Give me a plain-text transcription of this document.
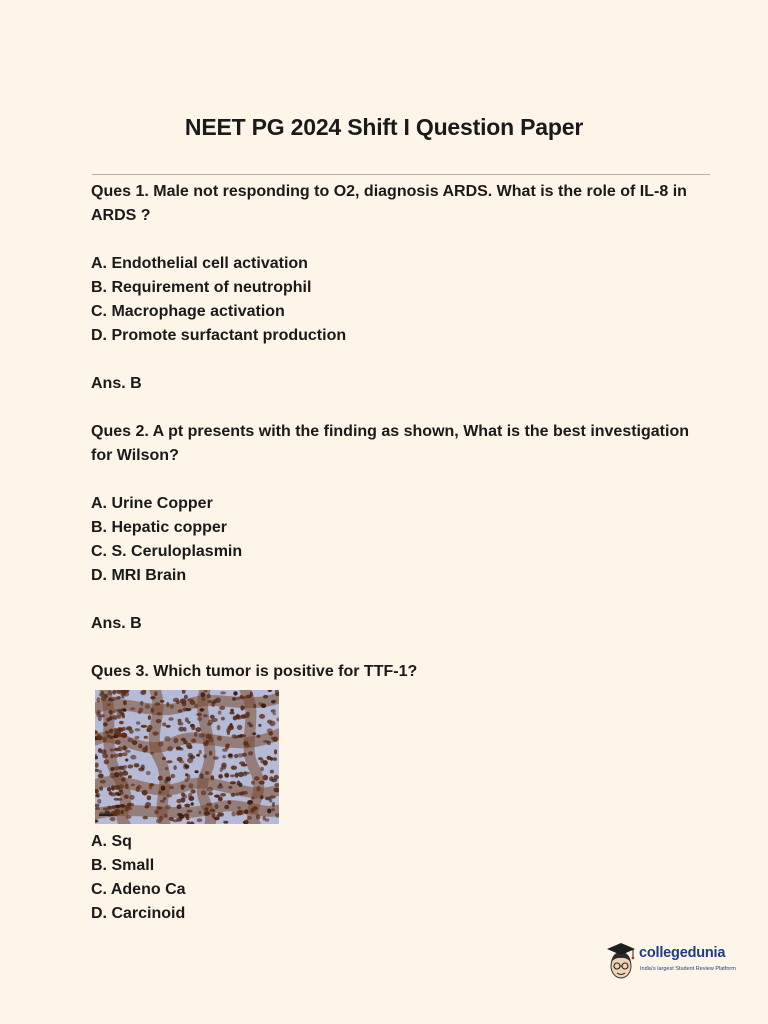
NEET PG 2024 Shift I Question Paper

Ques 1. Male not responding to O2, diagnosis ARDS. What is the role of IL-8 in ARDS ?

A. Endothelial cell activation

B. Requirement of neutrophil

C. Macrophage activation

D. Promote surfactant production

Ans. B

Ques 2. A pt presents with the finding as shown, What is the best investigation for Wilson?

A. Urine Copper

B. Hepatic copper

C. S. Ceruloplasmin

D. MRI Brain

Ans. B

Ques 3. Which tumor is positive for TTF-1?

A. Sq

B. Small

C. Adeno Ca

D. Carcinoid

collegedunia
India's largest Student Review Platform
